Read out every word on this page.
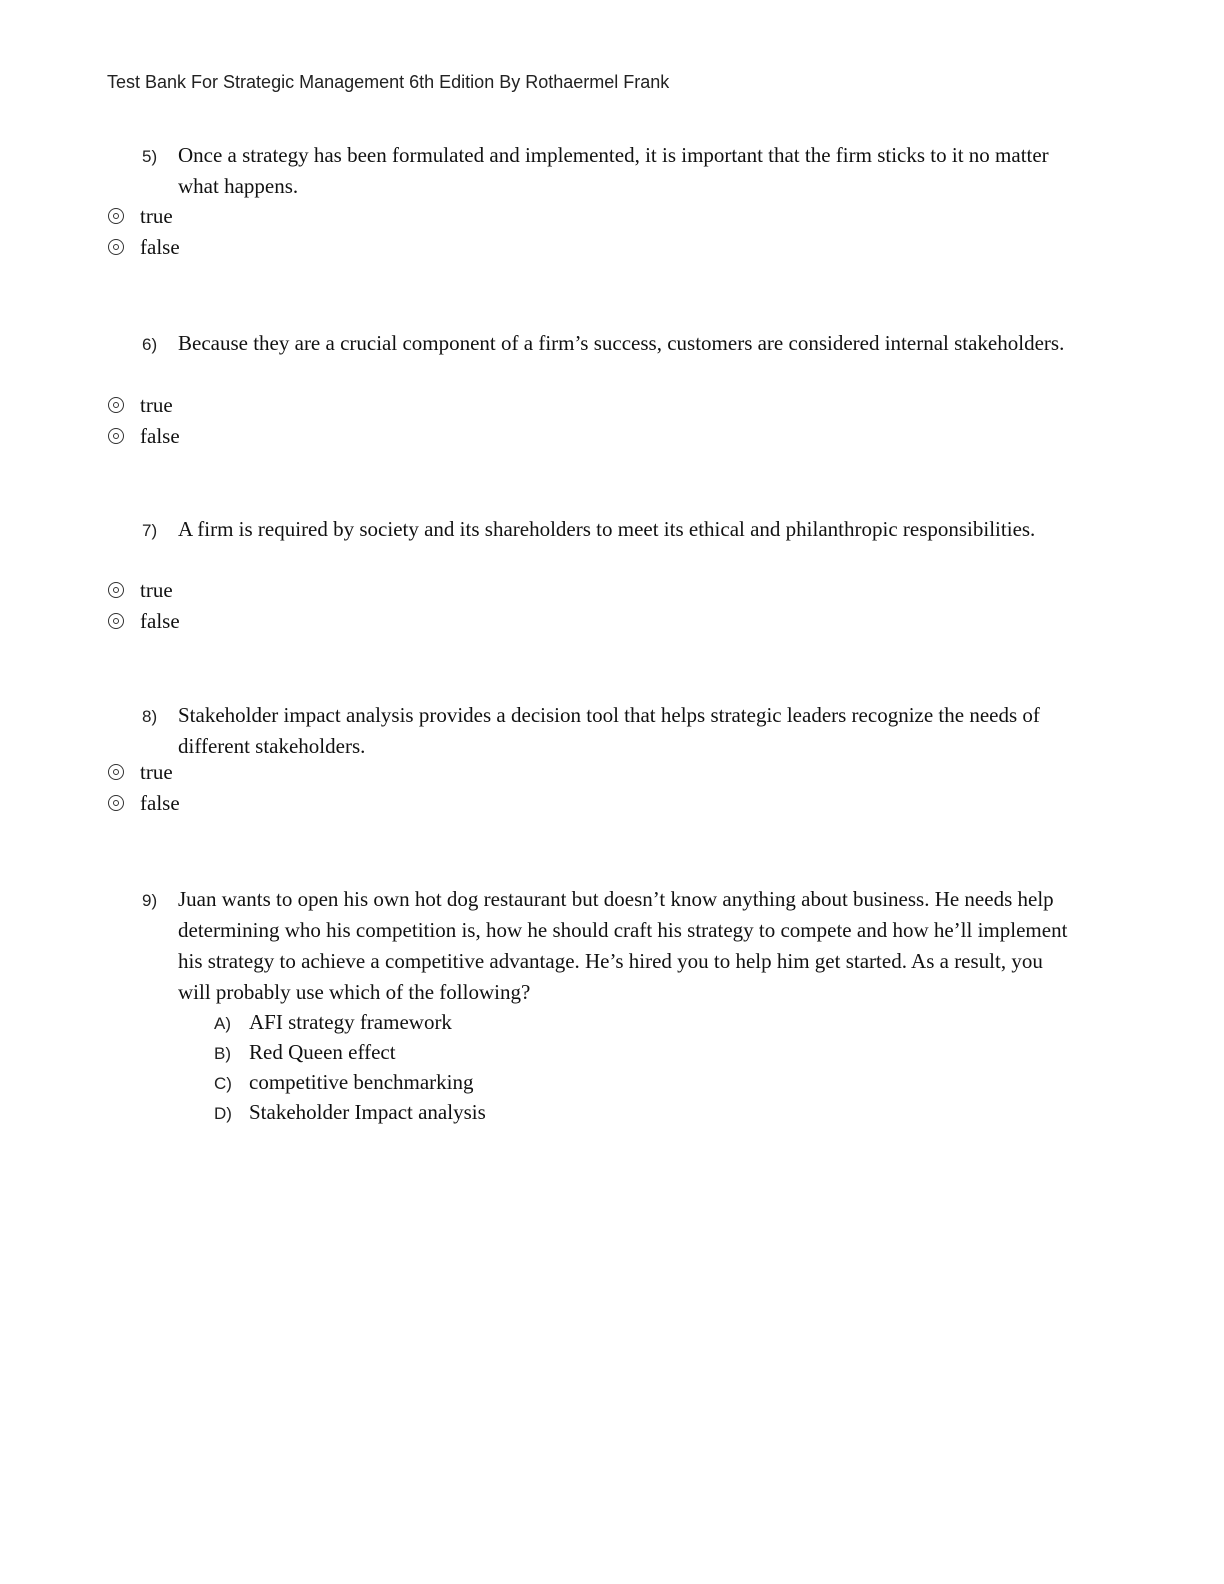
Test Bank For Strategic Management 6th Edition By Rothaermel Frank
5) Once a strategy has been formulated and implemented, it is important that the firm sticks to it no matter what happens.
true
false
6) Because they are a crucial component of a firm’s success, customers are considered internal stakeholders.
true
false
7) A firm is required by society and its shareholders to meet its ethical and philanthropic responsibilities.
true
false
8) Stakeholder impact analysis provides a decision tool that helps strategic leaders recognize the needs of different stakeholders.
true
false
9) Juan wants to open his own hot dog restaurant but doesn’t know anything about business. He needs help determining who his competition is, how he should craft his strategy to compete and how he’ll implement his strategy to achieve a competitive advantage. He’s hired you to help him get started. As a result, you will probably use which of the following?
A) AFI strategy framework
B) Red Queen effect
C) competitive benchmarking
D) Stakeholder Impact analysis
